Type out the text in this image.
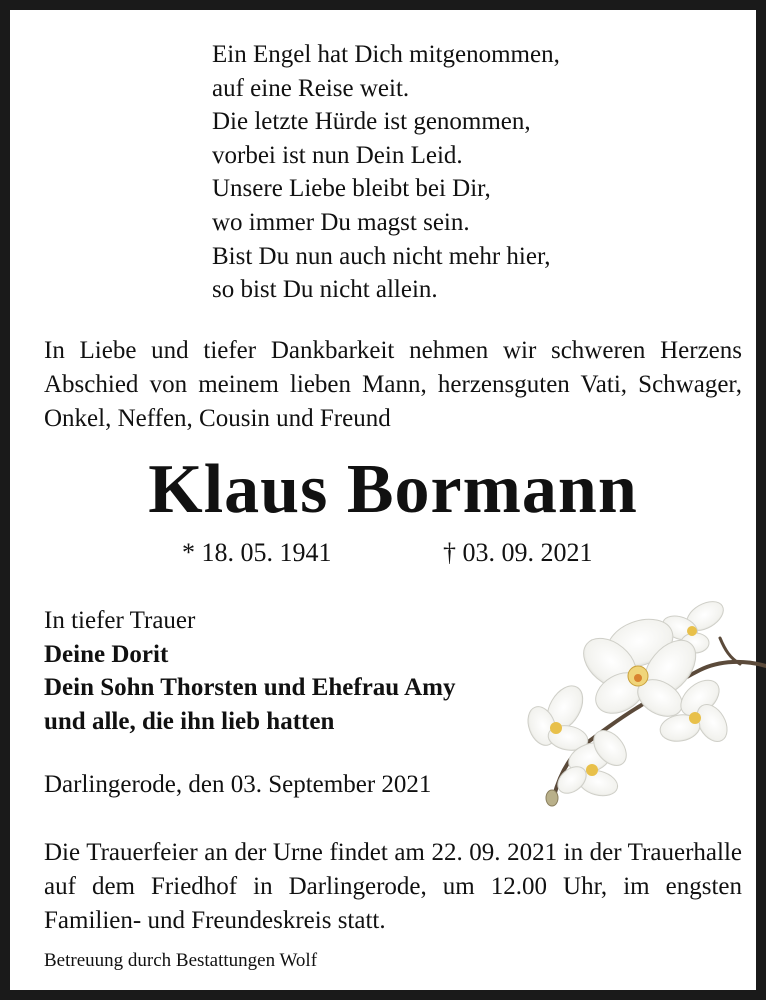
Ein Engel hat Dich mitgenommen,
auf eine Reise weit.
Die letzte Hürde ist genommen,
vorbei ist nun Dein Leid.
Unsere Liebe bleibt bei Dir,
wo immer Du magst sein.
Bist Du nun auch nicht mehr hier,
so bist Du nicht allein.
In Liebe und tiefer Dankbarkeit nehmen wir schweren Herzens Abschied von meinem lieben Mann, herzensguten Vati, Schwager, Onkel, Neffen, Cousin und Freund
Klaus Bormann
* 18. 05. 1941	† 03. 09. 2021
In tiefer Trauer
Deine Dorit
Dein Sohn Thorsten und Ehefrau Amy
und alle, die ihn lieb hatten
Darlingerode, den 03. September 2021
Die Trauerfeier an der Urne findet am 22. 09. 2021 in der Trauerhalle auf dem Friedhof in Darlingerode, um 12.00 Uhr, im engsten Familien- und Freundeskreis statt.
Betreuung durch Bestattungen Wolf
